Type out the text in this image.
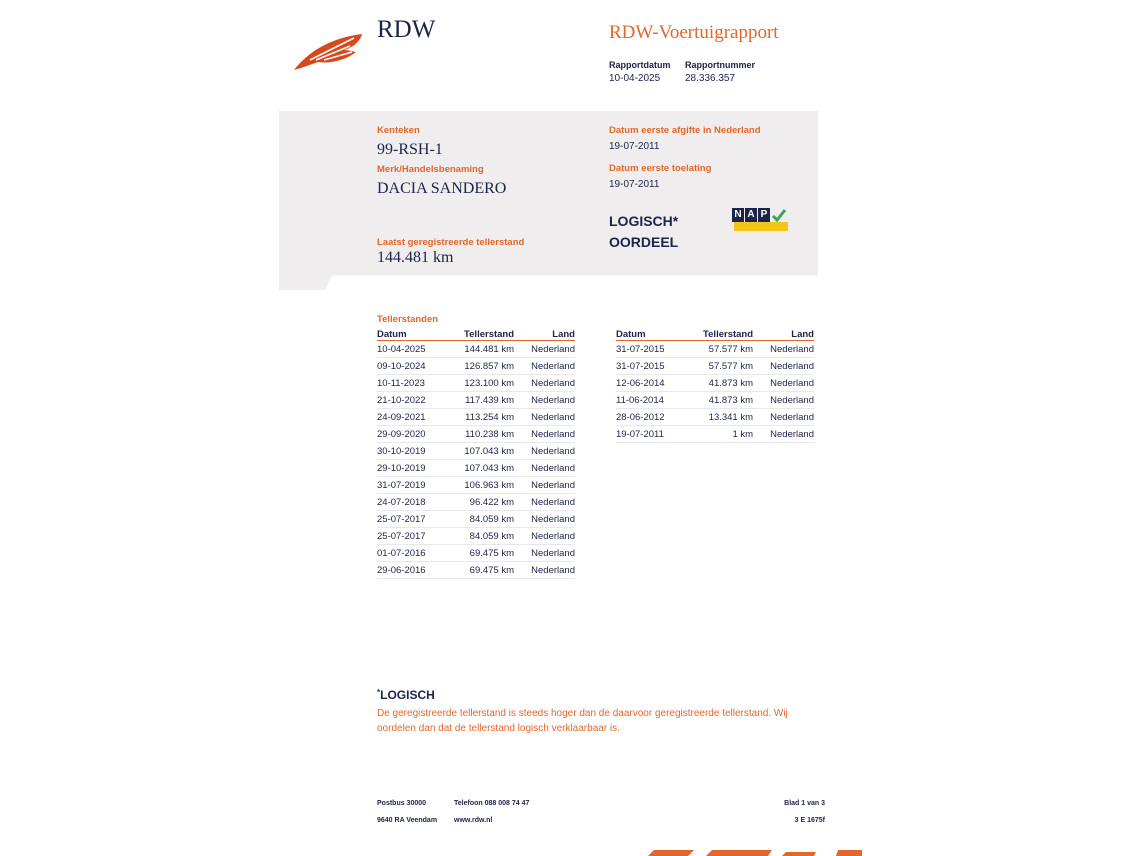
RDW	RDW-Voertuigrapport
Rapportdatum
10-04-2025
Rapportnummer
28.336.357
Kenteken
99-RSH-1
Merk/Handelsbenaming
DACIA SANDERO
Laatst geregistreerde tellerstand
144.481 km
Datum eerste afgifte in Nederland
19-07-2011
Datum eerste toelating
19-07-2011
LOGISCH*
OORDEEL
N A P
Tellerstanden
Datum	Tellerstand	Land
10-04-2025	144.481 km	Nederland
09-10-2024	126.857 km	Nederland
10-11-2023	123.100 km	Nederland
21-10-2022	117.439 km	Nederland
24-09-2021	113.254 km	Nederland
29-09-2020	110.238 km	Nederland
30-10-2019	107.043 km	Nederland
29-10-2019	107.043 km	Nederland
31-07-2019	106.963 km	Nederland
24-07-2018	96.422 km	Nederland
25-07-2017	84.059 km	Nederland
25-07-2017	84.059 km	Nederland
01-07-2016	69.475 km	Nederland
29-06-2016	69.475 km	Nederland
Datum	Tellerstand	Land
31-07-2015	57.577 km	Nederland
31-07-2015	57.577 km	Nederland
12-06-2014	41.873 km	Nederland
11-06-2014	41.873 km	Nederland
28-06-2012	13.341 km	Nederland
19-07-2011	1 km	Nederland
*LOGISCH
De geregistreerde tellerstand is steeds hoger dan de daarvoor geregistreerde tellerstand. Wij oordelen dan dat de tellerstand logisch verklaarbaar is.
Postbus 30000
9640 RA Veendam
Telefoon 088 008 74 47
www.rdw.nl
Blad 1 van 3
3 E 1675f
